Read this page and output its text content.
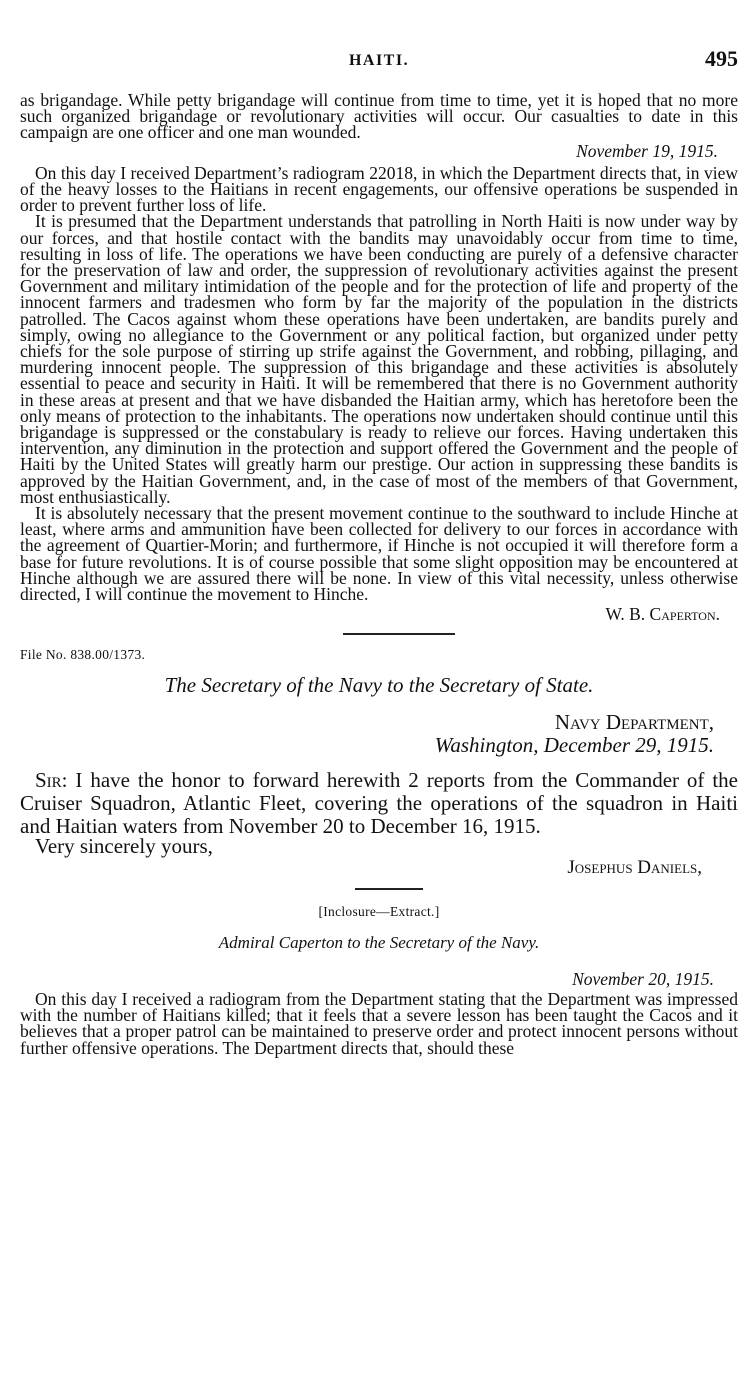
HAITI.	495

as brigandage. While petty brigandage will continue from time to time, yet it is hoped that no more such organized brigandage or revolutionary activities will occur. Our casualties to date in this campaign are one officer and one man wounded.

November 19, 1915.

On this day I received Department’s radiogram 22018, in which the Department directs that, in view of the heavy losses to the Haitians in recent engagements, our offensive operations be suspended in order to prevent further loss of life.

It is presumed that the Department understands that patrolling in North Haiti is now under way by our forces, and that hostile contact with the bandits may unavoidably occur from time to time, resulting in loss of life. The operations we have been conducting are purely of a defensive character for the preservation of law and order, the suppression of revolutionary activities against the present Government and military intimidation of the people and for the protection of life and property of the innocent farmers and tradesmen who form by far the majority of the population in the districts patrolled. The Cacos against whom these operations have been undertaken, are bandits purely and simply, owing no allegiance to the Government or any political faction, but organized under petty chiefs for the sole purpose of stirring up strife against the Government, and robbing, pillaging, and murdering innocent people. The suppression of this brigandage and these activities is absolutely essential to peace and security in Haiti. It will be remembered that there is no Government authority in these areas at present and that we have disbanded the Haitian army, which has heretofore been the only means of protection to the inhabitants. The operations now undertaken should continue until this brigandage is suppressed or the constabulary is ready to relieve our forces. Having undertaken this intervention, any diminution in the protection and support offered the Government and the people of Haiti by the United States will greatly harm our prestige. Our action in suppressing these bandits is approved by the Haitian Government, and, in the case of most of the members of that Government, most enthusiastically.

It is absolutely necessary that the present movement continue to the southward to include Hinche at least, where arms and ammunition have been collected for delivery to our forces in accordance with the agreement of Quartier-Morin; and furthermore, if Hinche is not occupied it will therefore form a base for future revolutions. It is of course possible that some slight opposition may be encountered at Hinche although we are assured there will be none. In view of this vital necessity, unless otherwise directed, I will continue the movement to Hinche.

W. B. Caperton.
File No. 838.00/1373.
The Secretary of the Navy to the Secretary of State.
Navy Department,
Washington, December 29, 1915.

Sir: I have the honor to forward herewith 2 reports from the Commander of the Cruiser Squadron, Atlantic Fleet, covering the operations of the squadron in Haiti and Haitian waters from November 20 to December 16, 1915.

Very sincerely yours,

Josephus Daniels,
[Inclosure—Extract.]
Admiral Caperton to the Secretary of the Navy.
November 20, 1915.

On this day I received a radiogram from the Department stating that the Department was impressed with the number of Haitians killed; that it feels that a severe lesson has been taught the Cacos and it believes that a proper patrol can be maintained to preserve order and protect innocent persons without further offensive operations. The Department directs that, should these
